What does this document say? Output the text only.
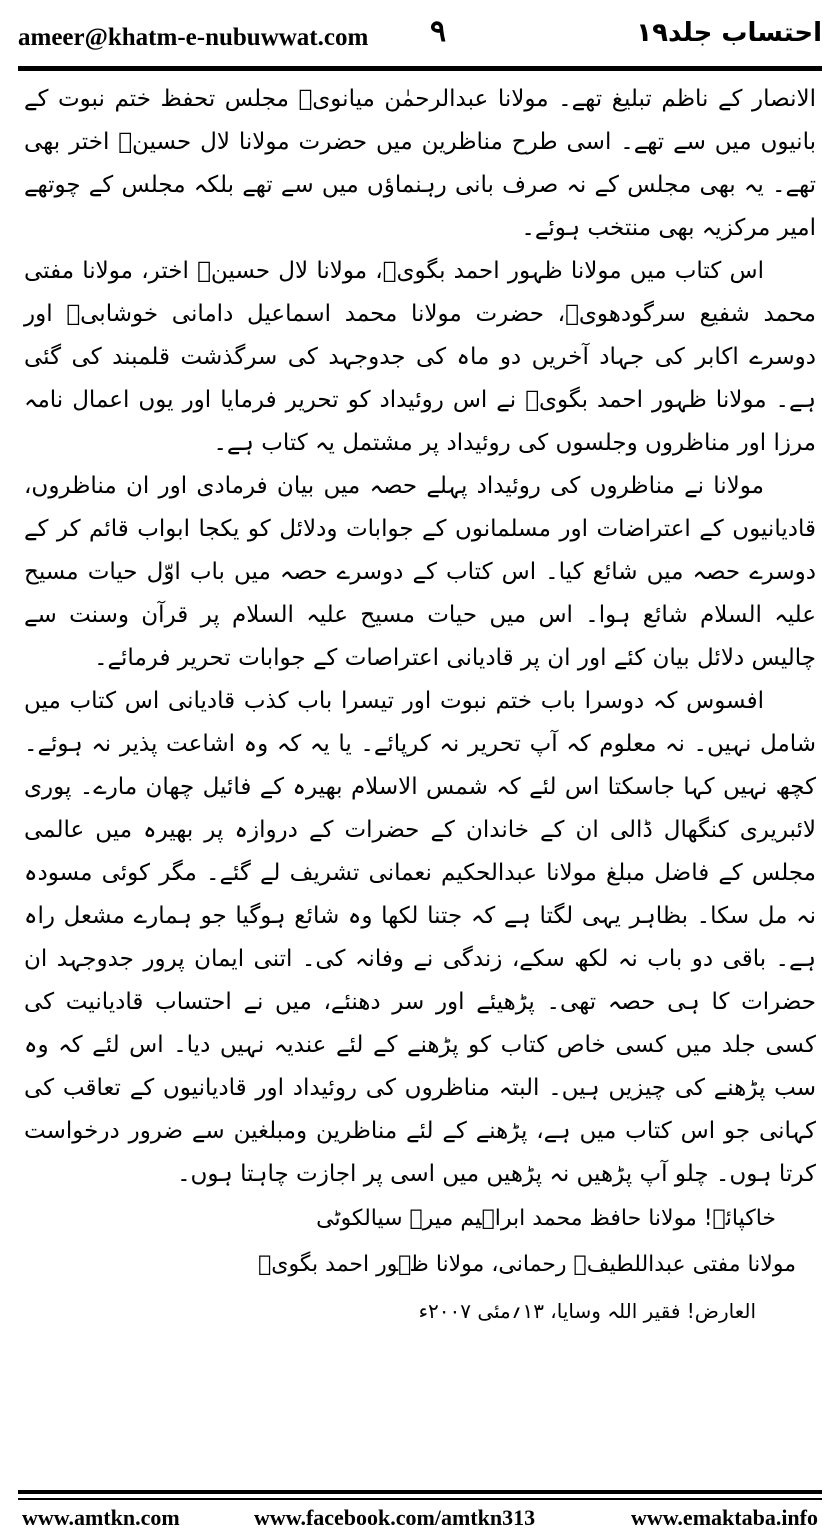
ameer@khatm-e-nubuwwat.com ۹	احتساب جلد۱۹

الانصار کے ناظم تبلیغ تھے۔ مولانا عبدالرحمٰن میانویؒ مجلس تحفظ ختم نبوت کے بانیوں میں سے تھے۔ اسی طرح مناظرین میں حضرت مولانا لال حسینؒ اختر بھی تھے۔ یہ بھی مجلس کے نہ صرف بانی رہنماؤں میں سے تھے بلکہ مجلس کے چوتھے امیر مرکزیہ بھی منتخب ہوئے۔

اس کتاب میں مولانا ظہور احمد بگویؒ، مولانا لال حسینؒ اختر، مولانا مفتی محمد شفیع سرگودھویؒ، حضرت مولانا محمد اسماعیل دامانی خوشابیؒ اور دوسرے اکابر کی جہاد آخریں دو ماہ کی جدوجہد کی سرگذشت قلمبند کی گئی ہے۔ مولانا ظہور احمد بگویؒ نے اس روئیداد کو تحریر فرمایا اور یوں اعمال نامہ مرزا اور مناظروں وجلسوں کی روئیداد پر مشتمل یہ کتاب ہے۔

مولانا نے مناظروں کی روئیداد پہلے حصہ میں بیان فرمادی اور ان مناظروں، قادیانیوں کے اعتراضات اور مسلمانوں کے جوابات ودلائل کو یکجا ابواب قائم کر کے دوسرے حصہ میں شائع کیا۔ اس کتاب کے دوسرے حصہ میں باب اوّل حیات مسیح علیہ السلام شائع ہوا۔ اس میں حیات مسیح علیہ السلام پر قرآن وسنت سے چالیس دلائل بیان کئے اور ان پر قادیانی اعتراصات کے جوابات تحریر فرمائے۔

افسوس کہ دوسرا باب ختم نبوت اور تیسرا باب کذب قادیانی اس کتاب میں شامل نہیں۔ نہ معلوم کہ آپ تحریر نہ کرپائے۔ یا یہ کہ وہ اشاعت پذیر نہ ہوئے۔ کچھ نہیں کہا جاسکتا اس لئے کہ شمس الاسلام بھیرہ کے فائیل چھان مارے۔ پوری لائبریری کنگھال ڈالی ان کے خاندان کے حضرات کے دروازہ پر بھیرہ میں عالمی مجلس کے فاضل مبلغ مولانا عبدالحکیم نعمانی تشریف لے گئے۔ مگر کوئی مسودہ نہ مل سکا۔ بظاہر یہی لگتا ہے کہ جتنا لکھا وہ شائع ہوگیا جو ہمارے مشعل راہ ہے۔ باقی دو باب نہ لکھ سکے، زندگی نے وفانہ کی۔ اتنی ایمان پرور جدوجہد ان حضرات کا ہی حصہ تھی۔ پڑھیئے اور سر دھنئے، میں نے احتساب قادیانیت کی کسی جلد میں کسی خاص کتاب کو پڑھنے کے لئے عندیہ نہیں دیا۔ اس لئے کہ وہ سب پڑھنے کی چیزیں ہیں۔ البتہ مناظروں کی روئیداد اور قادیانیوں کے تعاقب کی کہانی جو اس کتاب میں ہے، پڑھنے کے لئے مناظرین ومبلغین سے ضرور درخواست کرتا ہوں۔ چلو آپ پڑھیں نہ پڑھیں میں اسی پر اجازت چاہتا ہوں۔

خاکپائے! مولانا حافظ محمد ابراہیم میرؒ سیالکوٹی
مولانا مفتی عبداللطیفؒ رحمانی، مولانا ظہور احمد بگویؒ
العارض! فقیر اللہ وسایا، ۱۳؍مئی ۲۰۰۷ء
www.amtkn.com	www.facebook.com/amtkn313	www.emaktaba.info
